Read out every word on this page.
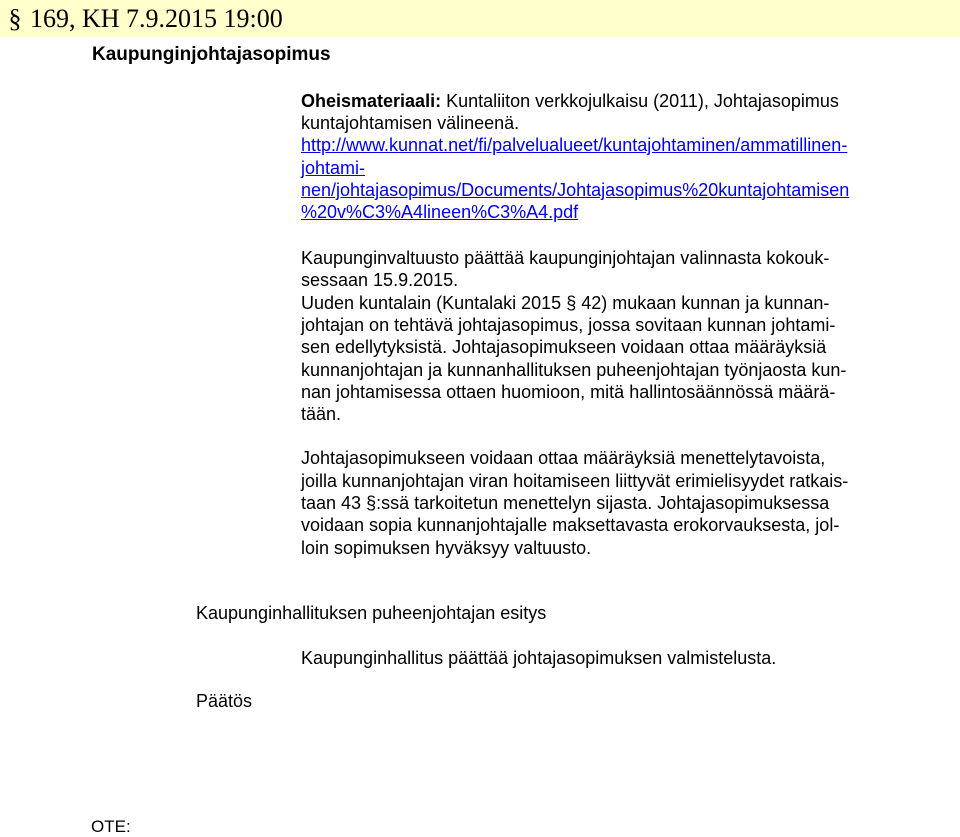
§ 169, KH 7.9.2015 19:00
Kaupunginjohtajasopimus

Oheismateriaali: Kuntaliiton verkkojulkaisu (2011), Johtajasopimus

kuntajohtamisen välineenä.

http://www.kunnat.net/fi/palvelualueet/kuntajohtaminen/ammatillinen-

johtami-

nen/johtajasopimus/Documents/Johtajasopimus%20kuntajohtamisen

%20v%C3%A4lineen%C3%A4.pdf

Kaupunginvaltuusto päättää kaupunginjohtajan valinnasta kokouk-

sessaan 15.9.2015.

Uuden kuntalain (Kuntalaki 2015 § 42) mukaan kunnan ja kunnan-

johtajan on tehtävä johtajasopimus, jossa sovitaan kunnan johtami-

sen edellytyksistä. Johtajasopimukseen voidaan ottaa määräyksiä

kunnanjohtajan ja kunnanhallituksen puheenjohtajan työnjaosta kun-

nan johtamisessa ottaen huomioon, mitä hallintosäännössä määrä-

tään.

Johtajasopimukseen voidaan ottaa määräyksiä menettelytavoista,

joilla kunnanjohtajan viran hoitamiseen liittyvät erimielisyydet ratkais-

taan 43 §:ssä tarkoitetun menettelyn sijasta. Johtajasopimuksessa

voidaan sopia kunnanjohtajalle maksettavasta erokorvauksesta, jol-

loin sopimuksen hyväksyy valtuusto.

Kaupunginhallituksen puheenjohtajan esitys

Kaupunginhallitus päättää johtajasopimuksen valmistelusta.

Päätös
OTE:
